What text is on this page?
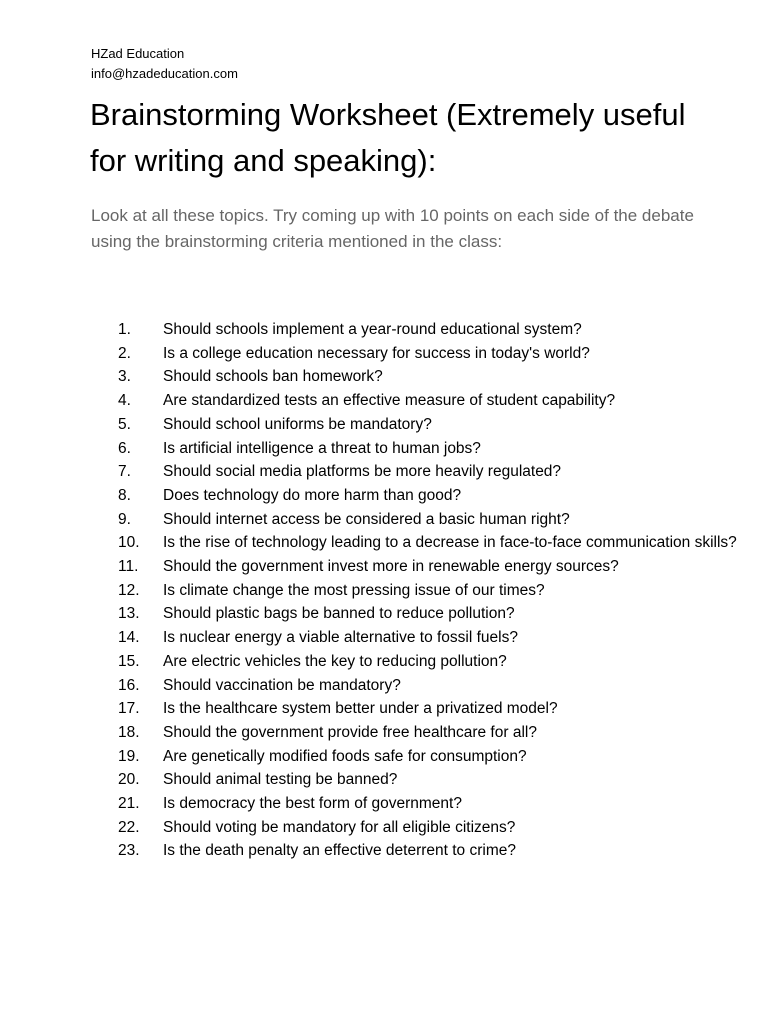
HZad Education
info@hzadeducation.com
Brainstorming Worksheet (Extremely useful for writing and speaking):

Look at all these topics. Try coming up with 10 points on each side of the debate using the brainstorming criteria mentioned in the class:

1. Should schools implement a year-round educational system?
2. Is a college education necessary for success in today's world?
3. Should schools ban homework?
4. Are standardized tests an effective measure of student capability?
5. Should school uniforms be mandatory?
6. Is artificial intelligence a threat to human jobs?
7. Should social media platforms be more heavily regulated?
8. Does technology do more harm than good?
9. Should internet access be considered a basic human right?
10. Is the rise of technology leading to a decrease in face-to-face communication skills?
11. Should the government invest more in renewable energy sources?
12. Is climate change the most pressing issue of our times?
13. Should plastic bags be banned to reduce pollution?
14. Is nuclear energy a viable alternative to fossil fuels?
15. Are electric vehicles the key to reducing pollution?
16. Should vaccination be mandatory?
17. Is the healthcare system better under a privatized model?
18. Should the government provide free healthcare for all?
19. Are genetically modified foods safe for consumption?
20. Should animal testing be banned?
21. Is democracy the best form of government?
22. Should voting be mandatory for all eligible citizens?
23. Is the death penalty an effective deterrent to crime?
